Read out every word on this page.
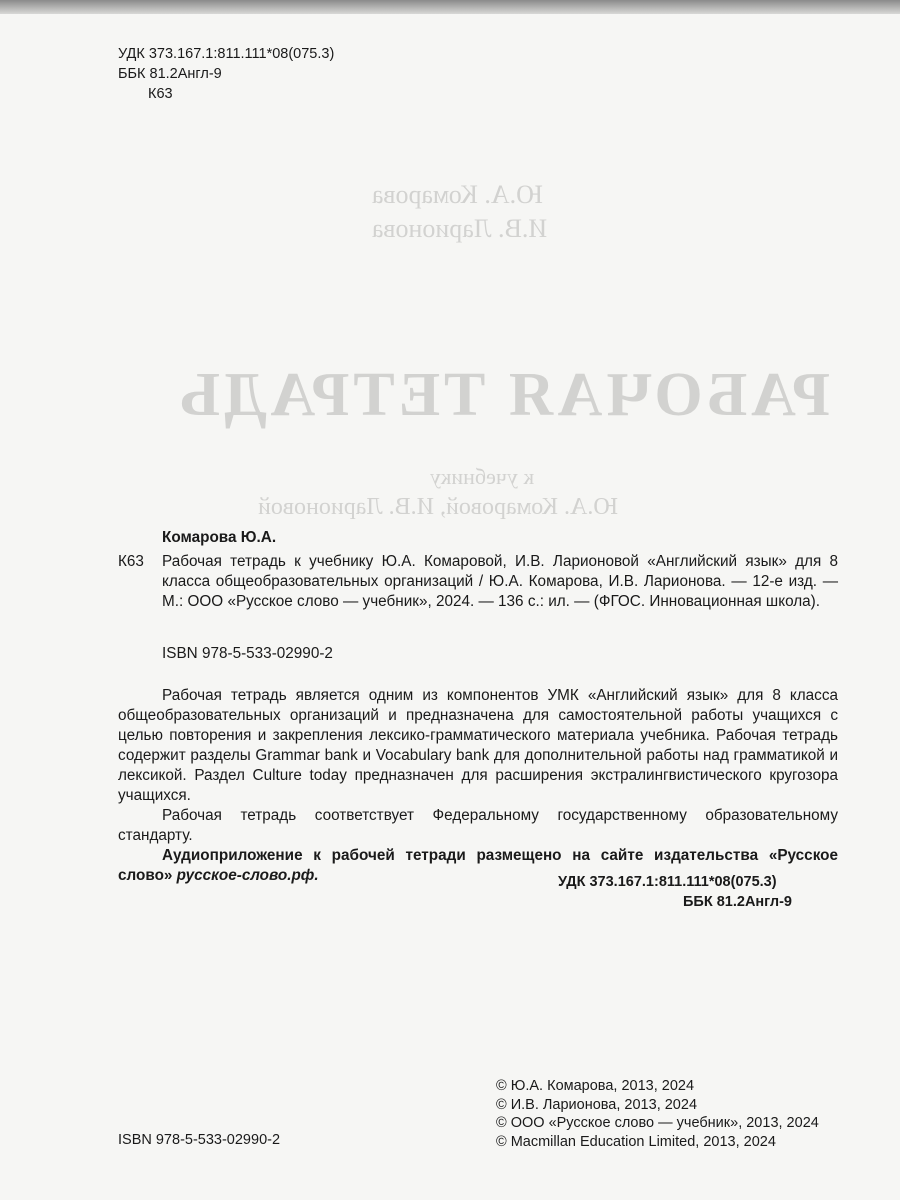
Ю.А. Комарова
И.В. Ларионова
РАБОЧАЯ ТЕТРАДЬ
к учебнику
Ю.А. Комаровой, И.В. Ларионовой
УДК 373.167.1:811.111*08(075.3)
ББК 81.2Англ-9
К63
Комарова Ю.А.
К63 Рабочая тетрадь к учебнику Ю.А. Комаровой, И.В. Ларионовой «Английский язык» для 8 класса общеобразовательных организаций / Ю.А. Комарова, И.В. Ларионова. — 12-е изд. — М.: ООО «Русское слово — учебник», 2024. — 136 с.: ил. — (ФГОС. Инновационная школа).
ISBN 978-5-533-02990-2

Рабочая тетрадь является одним из компонентов УМК «Английский язык» для 8 класса общеобразовательных организаций и предназначена для самостоятельной работы учащихся с целью повторения и закрепления лексико-грамматического материала учебника. Рабочая тетрадь содержит разделы Grammar bank и Vocabulary bank для дополнительной работы над грамматикой и лексикой. Раздел Culture today предназначен для расширения экстралингвистического кругозора учащихся.

Рабочая тетрадь соответствует Федеральному государственному образовательному стандарту.

Аудиоприложение к рабочей тетради размещено на сайте издательства «Русское слово» русское-слово.рф.	УДК 373.167.1:811.111*08(075.3)
ББК 81.2Англ-9
© Ю.А. Комарова, 2013, 2024
© И.В. Ларионова, 2013, 2024
© ООО «Русское слово — учебник», 2013, 2024
© Macmillan Education Limited, 2013, 2024
ISBN 978-5-533-02990-2
